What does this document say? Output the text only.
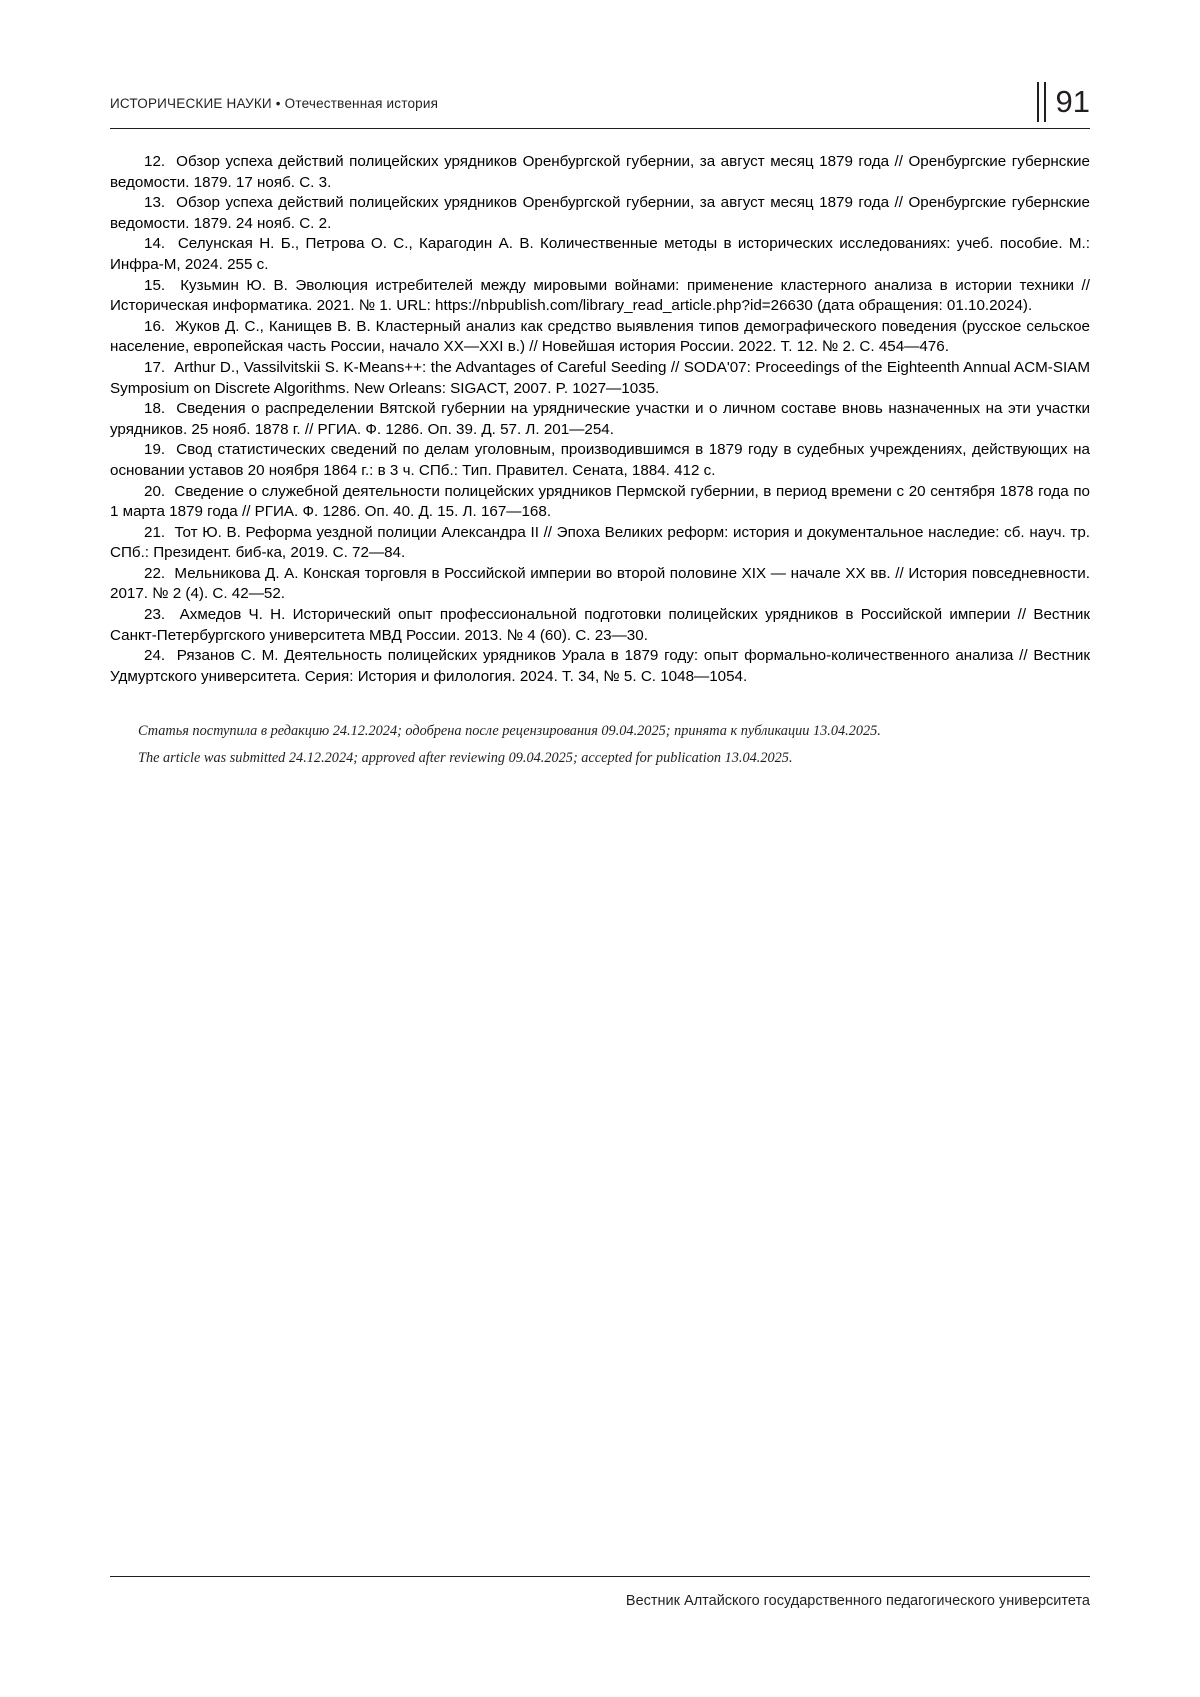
ИСТОРИЧЕСКИЕ НАУКИ • Отечественная история	91

12. Обзор успеха действий полицейских урядников Оренбургской губернии, за август месяц 1879 года // Оренбургские губернские ведомости. 1879. 17 нояб. С. 3.

13. Обзор успеха действий полицейских урядников Оренбургской губернии, за август месяц 1879 года // Оренбургские губернские ведомости. 1879. 24 нояб. С. 2.

14. Селунская Н. Б., Петрова О. С., Карагодин А. В. Количественные методы в исторических исследованиях: учеб. пособие. М.: Инфра-М, 2024. 255 с.

15. Кузьмин Ю. В. Эволюция истребителей между мировыми войнами: применение кластерного анализа в истории техники // Историческая информатика. 2021. № 1. URL: https://nbpublish.com/library_read_article.php?id=26630 (дата обращения: 01.10.2024).

16. Жуков Д. С., Канищев В. В. Кластерный анализ как средство выявления типов демографического поведения (русское сельское население, европейская часть России, начало XX—XXI в.) // Новейшая история России. 2022. Т. 12. № 2. С. 454—476.

17. Arthur D., Vassilvitskii S. K-Means++: the Advantages of Careful Seeding // SODA'07: Proceedings of the Eighteenth Annual ACM-SIAM Symposium on Discrete Algorithms. New Orleans: SIGACT, 2007. P. 1027—1035.

18. Сведения о распределении Вятской губернии на уряднические участки и о личном составе вновь назначенных на эти участки урядников. 25 нояб. 1878 г. // РГИА. Ф. 1286. Оп. 39. Д. 57. Л. 201—254.

19. Свод статистических сведений по делам уголовным, производившимся в 1879 году в судебных учреждениях, действующих на основании уставов 20 ноября 1864 г.: в 3 ч. СПб.: Тип. Правител. Сената, 1884. 412 с.

20. Сведение о служебной деятельности полицейских урядников Пермской губернии, в период времени с 20 сентября 1878 года по 1 марта 1879 года // РГИА. Ф. 1286. Оп. 40. Д. 15. Л. 167—168.

21. Тот Ю. В. Реформа уездной полиции Александра II // Эпоха Великих реформ: история и документальное наследие: сб. науч. тр. СПб.: Президент. биб-ка, 2019. С. 72—84.

22. Мельникова Д. А. Конская торговля в Российской империи во второй половине XIX — начале XX вв. // История повседневности. 2017. № 2 (4). С. 42—52.

23. Ахмедов Ч. Н. Исторический опыт профессиональной подготовки полицейских урядников в Российской империи // Вестник Санкт-Петербургского университета МВД России. 2013. № 4 (60). С. 23—30.

24. Рязанов С. М. Деятельность полицейских урядников Урала в 1879 году: опыт формально-количественного анализа // Вестник Удмуртского университета. Серия: История и филология. 2024. Т. 34, № 5. С. 1048—1054.

Статья поступила в редакцию 24.12.2024; одобрена после рецензирования 09.04.2025; принята к публикации 13.04.2025.

The article was submitted 24.12.2024; approved after reviewing 09.04.2025; accepted for publication 13.04.2025.

Вестник Алтайского государственного педагогического университета
